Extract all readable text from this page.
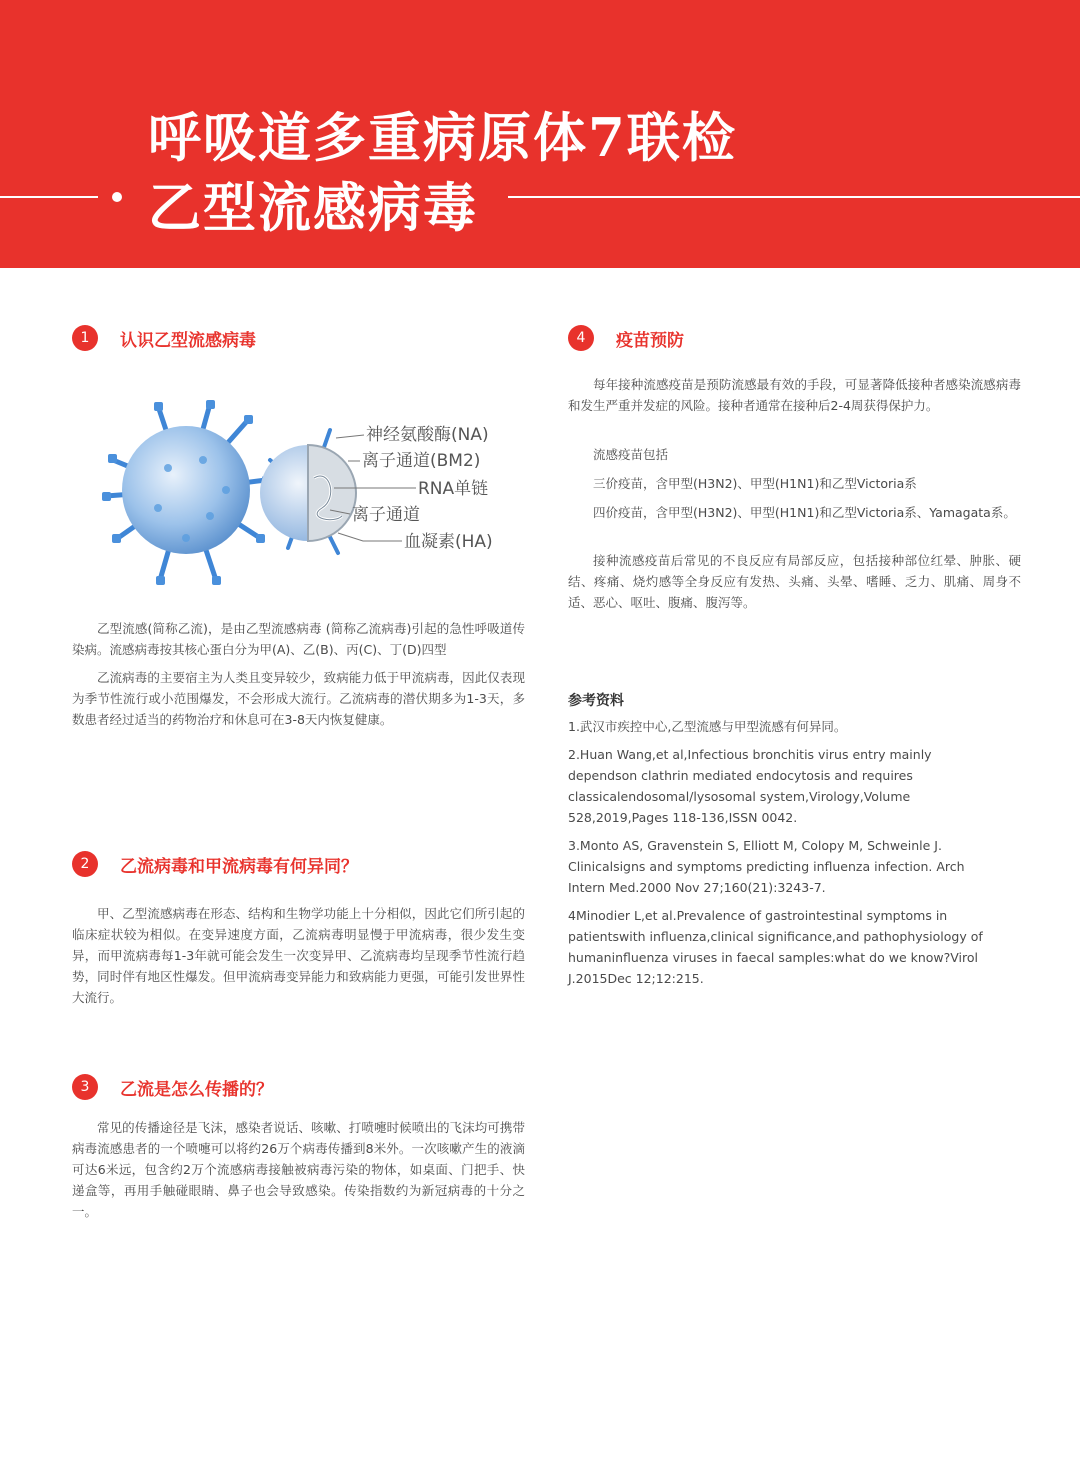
呼吸道多重病原体7联检
乙型流感病毒
1	认识乙型流感病毒
神经氨酸酶(NA)
离子通道(BM2)
RNA单链
离子通道
血凝素(HA)

乙型流感(简称乙流)，是由乙型流感病毒 (简称乙流病毒)引起的急性呼吸道传染病。流感病毒按其核心蛋白分为甲(A)、乙(B)、丙(C)、丁(D)四型

乙流病毒的主要宿主为人类且变异较少，致病能力低于甲流病毒，因此仅表现为季节性流行或小范围爆发，不会形成大流行。乙流病毒的潜伏期多为1-3天，多数患者经过适当的药物治疗和休息可在3-8天内恢复健康。

2	乙流病毒和甲流病毒有何异同？

甲、乙型流感病毒在形态、结构和生物学功能上十分相似，因此它们所引起的临床症状较为相似。在变异速度方面，乙流病毒明显慢于甲流病毒，很少发生变异，而甲流病毒每1-3年就可能会发生一次变异甲、乙流病毒均呈现季节性流行趋势，同时伴有地区性爆发。但甲流病毒变异能力和致病能力更强，可能引发世界性大流行。

3	乙流是怎么传播的？

常见的传播途径是飞沫，感染者说话、咳嗽、打喷嚏时候喷出的飞沫均可携带病毒流感患者的一个喷嚏可以将约26万个病毒传播到8米外。一次咳嗽产生的液滴可达6米远，包含约2万个流感病毒接触被病毒污染的物体，如桌面、门把手、快递盒等，再用手触碰眼睛、鼻子也会导致感染。传染指数约为新冠病毒的十分之一。

4	疫苗预防

每年接种流感疫苗是预防流感最有效的手段，可显著降低接种者感染流感病毒和发生严重并发症的风险。接种者通常在接种后2-4周获得保护力。

流感疫苗包括

三价疫苗，含甲型(H3N2)、甲型(H1N1)和乙型Victoria系

四价疫苗，含甲型(H3N2)、甲型(H1N1)和乙型Victoria系、Yamagata系。

接种流感疫苗后常见的不良反应有局部反应，包括接种部位红晕、肿胀、硬结、疼痛、烧灼感等全身反应有发热、头痛、头晕、嗜睡、乏力、肌痛、周身不适、恶心、呕吐、腹痛、腹泻等。

参考资料

1.武汉市疾控中心,乙型流感与甲型流感有何异同。

2.Huan Wang,et al,Infectious bronchitis virus entry mainly dependson clathrin mediated endocytosis and requires classicalendosomal/lysosomal system,Virology,Volume 528,2019,Pages 118-136,ISSN 0042.

3.Monto AS, Gravenstein S, Elliott M, Colopy M, Schweinle J. Clinicalsigns and symptoms predicting influenza infection. Arch Intern Med.2000 Nov 27;160(21):3243-7.

4Minodier L,et al.Prevalence of gastrointestinal symptoms in patientswith influenza,clinical significance,and pathophysiology of humaninfluenza viruses in faecal samples:what do we know?Virol J.2015Dec 12;12:215.
